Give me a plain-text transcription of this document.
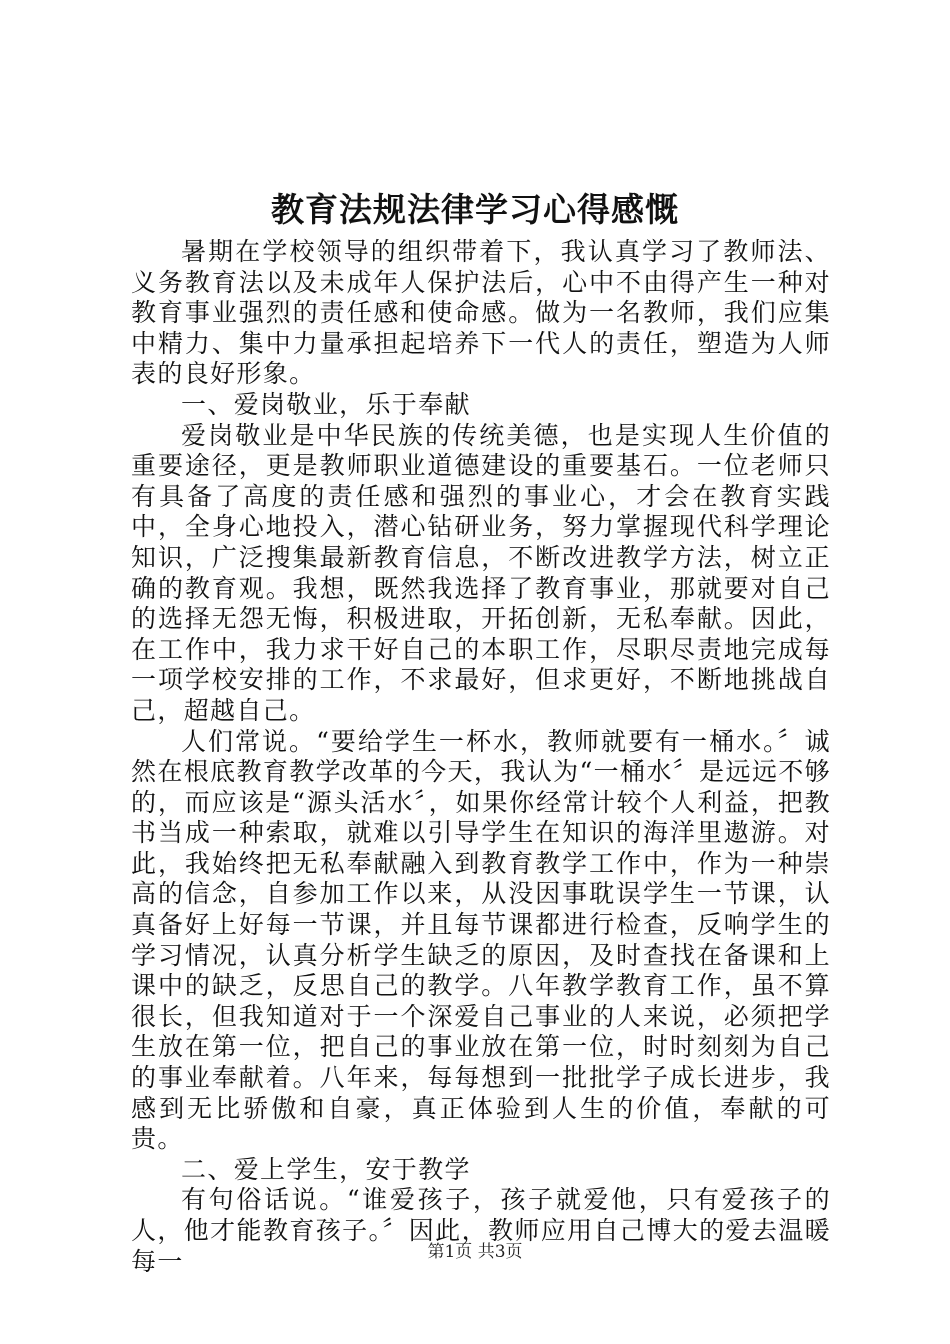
教育法规法律学习心得感慨

暑期在学校领导的组织带着下，我认真学习了教师法、义务教育法以及未成年人保护法后，心中不由得产生一种对教育事业强烈的责任感和使命感。做为一名教师，我们应集中精力、集中力量承担起培养下一代人的责任，塑造为人师表的良好形象。

一、爱岗敬业，乐于奉献

爱岗敬业是中华民族的传统美德，也是实现人生价值的重要途径，更是教师职业道德建设的重要基石。一位老师只有具备了高度的责任感和强烈的事业心，才会在教育实践中，全身心地投入，潜心钻研业务，努力掌握现代科学理论知识，广泛搜集最新教育信息，不断改进教学方法，树立正确的教育观。我想，既然我选择了教育事业，那就要对自己的选择无怨无悔，积极进取，开拓创新，无私奉献。因此，在工作中，我力求干好自己的本职工作，尽职尽责地完成每一项学校安排的工作，不求最好，但求更好，不断地挑战自己，超越自己。

人们常说。“要给学生一杯水，教师就要有一桶水。〞诚然在根底教育教学改革的今天，我认为“一桶水〞是远远不够的，而应该是“源头活水〞，如果你经常计较个人利益，把教书当成一种索取，就难以引导学生在知识的海洋里遨游。对此，我始终把无私奉献融入到教育教学工作中，作为一种崇高的信念，自参加工作以来，从没因事耽误学生一节课，认真备好上好每一节课，并且每节课都进行检查，反响学生的学习情况，认真分析学生缺乏的原因，及时查找在备课和上课中的缺乏，反思自己的教学。八年教学教育工作，虽不算很长，但我知道对于一个深爱自己事业的人来说，必须把学生放在第一位，把自己的事业放在第一位，时时刻刻为自己的事业奉献着。八年来，每每想到一批批学子成长进步，我感到无比骄傲和自豪，真正体验到人生的价值，奉献的可贵。

二、爱上学生，安于教学

有句俗话说。“谁爱孩子，孩子就爱他，只有爱孩子的人，他才能教育孩子。〞因此，教师应用自己博大的爱去温暖每一	第1页 共3页
